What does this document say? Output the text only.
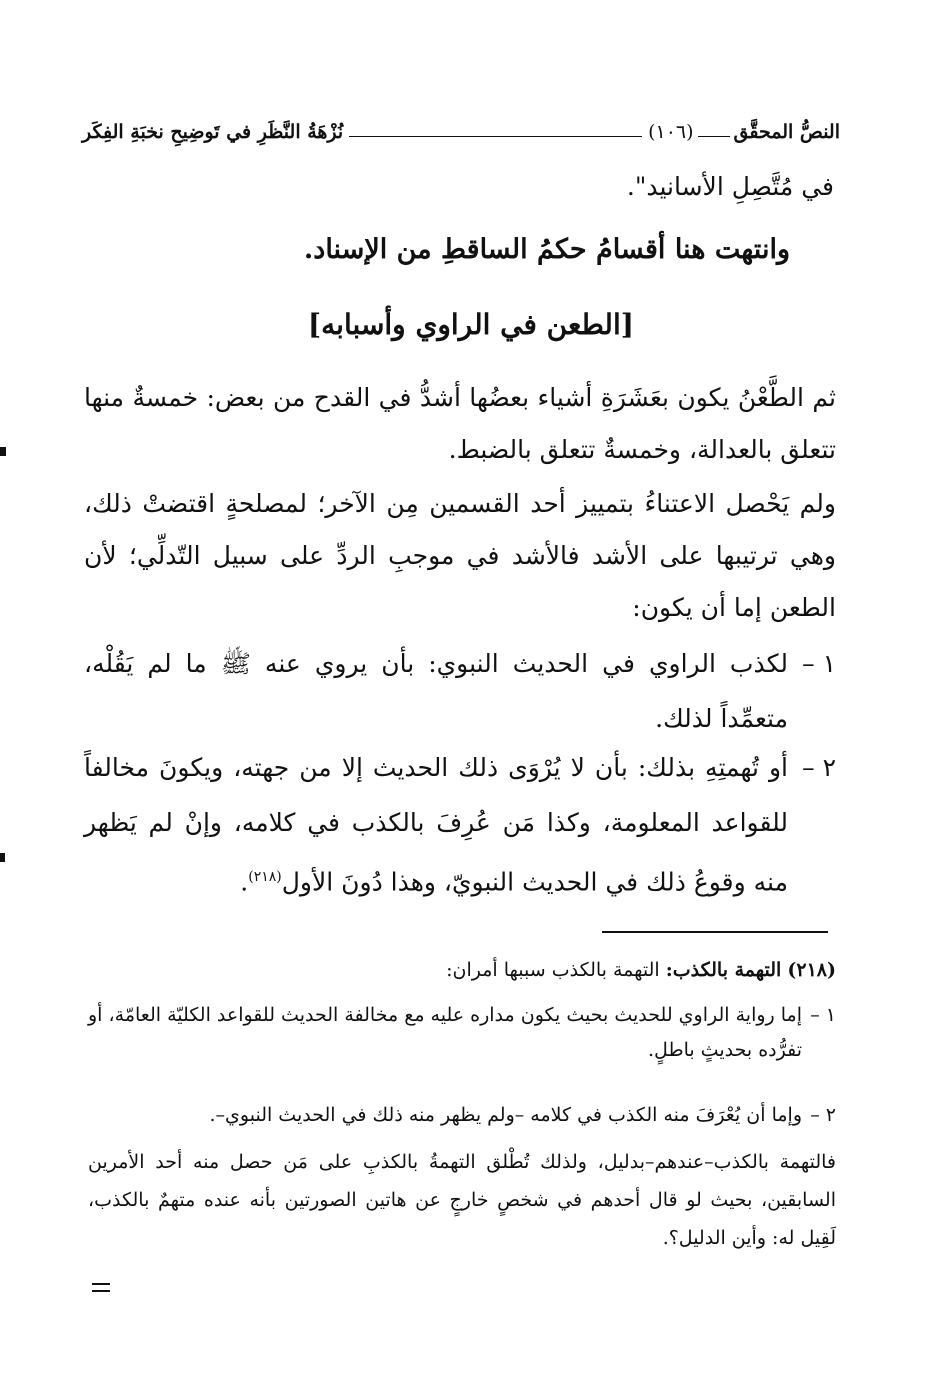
النصُّ المحقَّق
(١٠٦)
نُزْهَةُ النَّظَرِ في تَوضِيحِ نخبَةِ الفِكَر
في مُتَّصِلِ الأسانيد".
وانتهت هنا أقسامُ حكمُ الساقطِ من الإسناد.
[الطعن في الراوي وأسبابه]
ثم الطَّعْنُ يكون بعَشَرَةِ أشياء بعضُها أشدُّ في القدح من بعض: خمسةٌ منها تتعلق بالعدالة، وخمسةٌ تتعلق بالضبط.
ولم يَحْصل الاعتناءُ بتمييز أحد القسمين مِن الآخر؛ لمصلحةٍ اقتضتْ ذلك، وهي ترتيبها على الأشد فالأشد في موجبِ الردِّ على سبيل التّدلِّي؛ لأن الطعن إما أن يكون:
١ –
لكذب الراوي في الحديث النبوي: بأن يروي عنه ﷺ ما لم يَقُلْه، متعمِّداً لذلك.
٢ –
أو تُهمتِهِ بذلك: بأن لا يُرْوَى ذلك الحديث إلا من جهته، ويكونَ مخالفاً للقواعد المعلومة، وكذا مَن عُرِفَ بالكذب في كلامه، وإنْ لم يَظهر منه وقوعُ ذلك في الحديث النبويّ، وهذا دُونَ الأول$^{(٢١٨)}$.
(٢١٨) التهمة بالكذب: التهمة بالكذب سببها أمران:
١ –
إما رواية الراوي للحديث بحيث يكون مداره عليه مع مخالفة الحديث للقواعد الكليّة العامّة، أو تفرُّده بحديثٍ باطلٍ.
٢ –
وإما أن يُعْرَفَ منه الكذب في كلامه –ولم يظهر منه ذلك في الحديث النبوي–.
فالتهمة بالكذب–عندهم–بدليل، ولذلك تُطْلق التهمةُ بالكذبِ على مَن حصل منه أحد الأمرين السابقين، بحيث لو قال أحدهم في شخصٍ خارجٍ عن هاتين الصورتين بأنه عنده متهمٌ بالكذب، لَقِيل له: وأين الدليل؟.
